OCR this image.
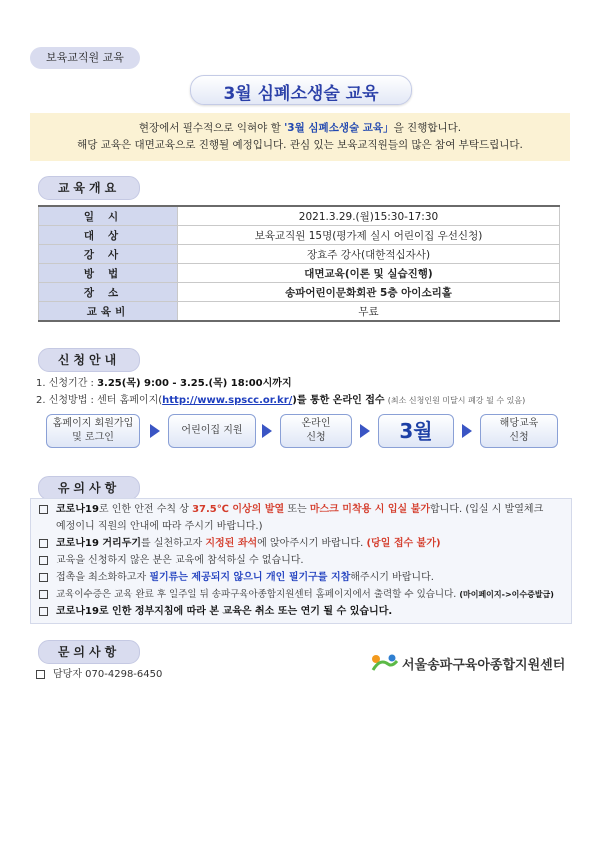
보육교직원 교육
3월 심폐소생술 교육
현장에서 필수적으로 익혀야 할 '3월 심폐소생술 교육」을 진행합니다.
해당 교육은 대면교육으로 진행될 예정입니다. 관심 있는 보육교직원들의 많은 참여 부탁드립니다.
교육개요
일시	2021.3.29.(월)15:30-17:30
대상	보육교직원 15명(평가제 실시 어린이집 우선신청)
강사	장효주 강사(대한적십자사)
방법	대면교육(이론 및 실습진행)
장소	송파어린이문화회관 5층 아이소리홀
교육비	무료
신청안내
1. 신청기간 : 3.25(목) 9:00 - 3.25.(목) 18:00시까지
2. 신청방법 : 센터 홈페이지(http://www.spscc.or.kr/)를 통한 온라인 접수 (최소 신청인원 미달시 폐강 될 수 있음)
홈페이지 회원가입
및 로그인
어린이집 지원
온라인
신청	3월	해당교육
신청
유의사항
코로나19로 인한 안전 수칙 상 37.5℃ 이상의 발열 또는 마스크 미착용 시 입실 불가합니다. (입실 시 발열체크
예정이니 직원의 안내에 따라 주시기 바랍니다.)
코로나19 거리두기를 실천하고자 지정된 좌석에 앉아주시기 바랍니다. (당일 접수 불가)
교육을 신청하지 않은 분은 교육에 참석하실 수 없습니다.
접촉을 최소화하고자 필기류는 제공되지 않으니 개인 필기구를 지참해주시기 바랍니다.
교육이수증은 교육 완료 후 일주일 뒤 송파구육아종합지원센터 홈페이지에서 출력할 수 있습니다. (마이페이지->이수증발급)
코로나19로 인한 정부지침에 따라 본 교육은 취소 또는 연기 될 수 있습니다.
문의사항
담당자 070-4298-6450
서울송파구육아종합지원센터
